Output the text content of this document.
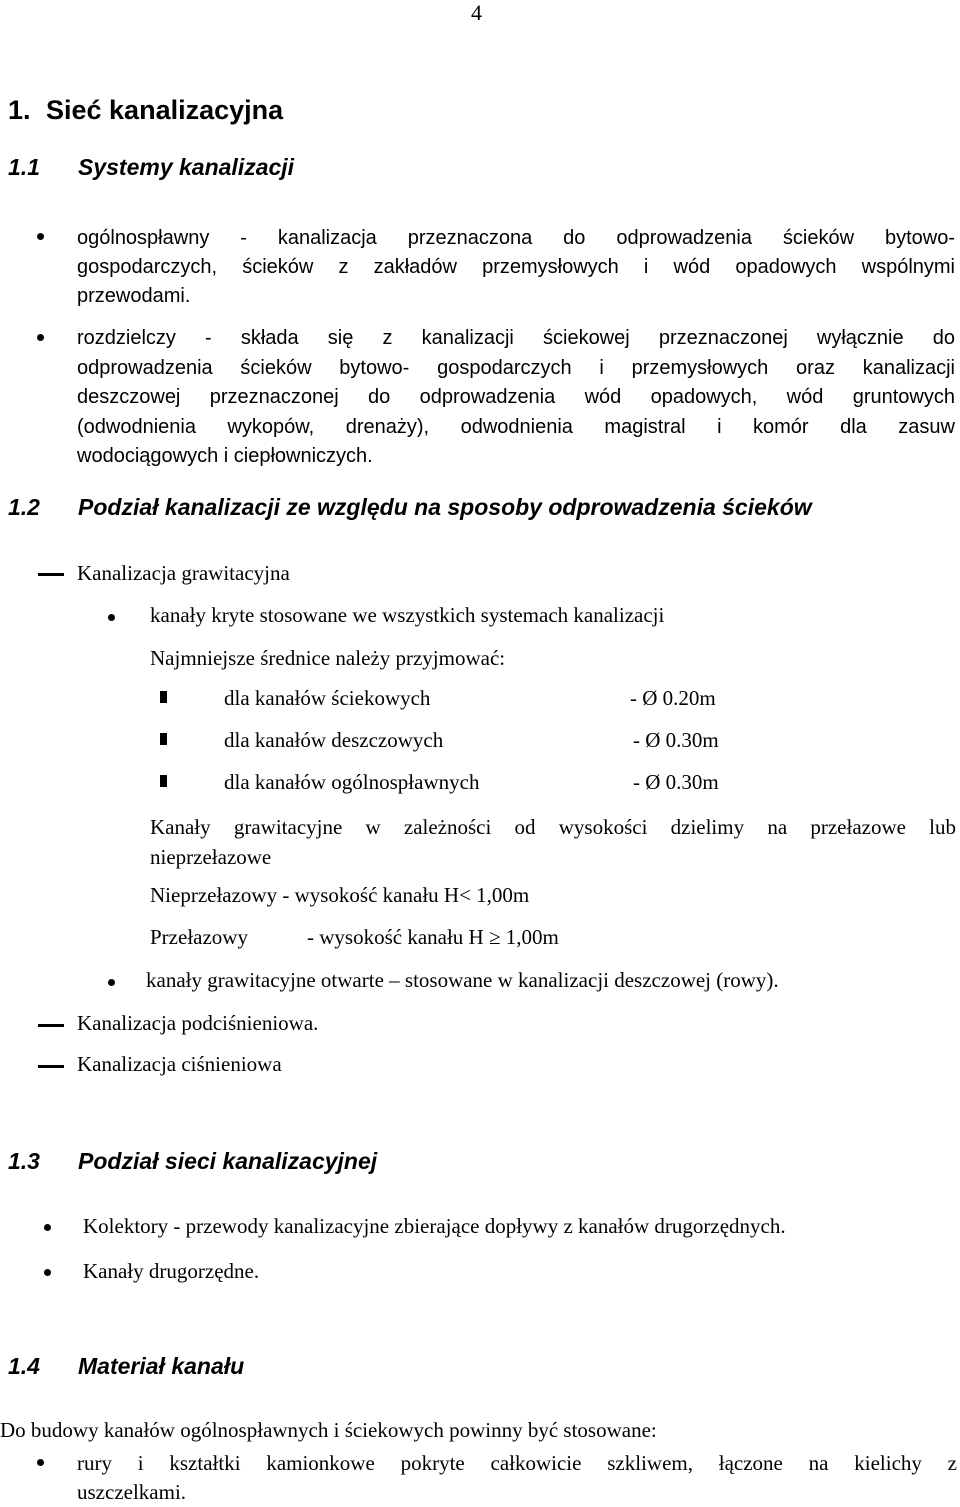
4
1. Sieć kanalizacyjna
1.1 Systemy kanalizacji

ogólnospławny - kanalizacja przeznaczona do odprowadzenia ścieków bytowo-

gospodarczych, ścieków z zakładów przemysłowych i wód opadowych wspólnymi

przewodami.

rozdzielczy - składa się z kanalizacji ściekowej przeznaczonej wyłącznie do

odprowadzenia ścieków bytowo- gospodarczych i przemysłowych oraz kanalizacji

deszczowej przeznaczonej do odprowadzenia wód opadowych, wód gruntowych

(odwodnienia wykopów, drenaży), odwodnienia magistral i komór dla zasuw

wodociągowych i ciepłowniczych.

1.2 Podział kanalizacji ze względu na sposoby odprowadzenia ścieków
Kanalizacja grawitacyjna
kanały kryte stosowane we wszystkich systemach kanalizacji
Najmniejsze średnice należy przyjmować:
dla kanałów ściekowych	- Ø 0.20m
dla kanałów deszczowych	- Ø 0.30m
dla kanałów ogólnospławnych	- Ø 0.30m

Kanały grawitacyjne w zależności od wysokości dzielimy na przełazowe lub

nieprzełazowe

Nieprzełazowy - wysokość kanału H< 1,00m
Przełazowy	- wysokość kanału H ≥ 1,00m
kanały grawitacyjne otwarte – stosowane w kanalizacji deszczowej (rowy).
Kanalizacja podciśnieniowa.
Kanalizacja ciśnieniowa
1.3 Podział sieci kanalizacyjnej
Kolektory - przewody kanalizacyjne zbierające dopływy z kanałów drugorzędnych.
Kanały drugorzędne.
1.4 Materiał kanału
Do budowy kanałów ogólnospławnych i ściekowych powinny być stosowane:

rury i kształtki kamionkowe pokryte całkowicie szkliwem, łączone na kielichy z

uszczelkami.
